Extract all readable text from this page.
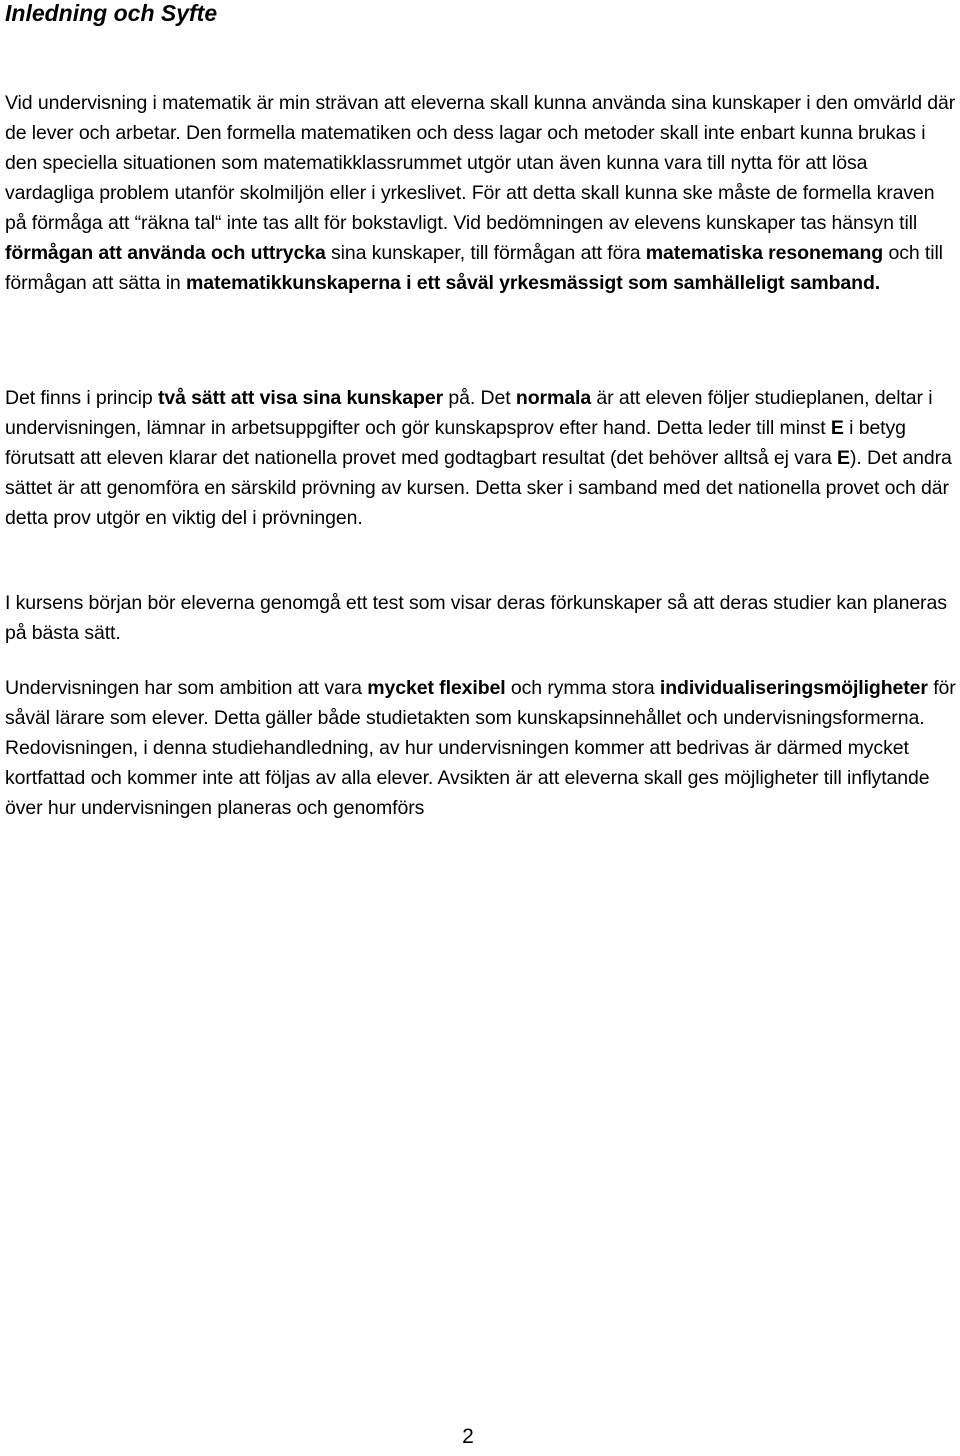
Inledning och Syfte

Vid undervisning i matematik är min strävan att eleverna skall kunna använda sina kunskaper i den omvärld där de lever och arbetar. Den formella matematiken och dess lagar och metoder skall inte enbart kunna brukas i den speciella situationen som matematikklassrummet utgör utan även kunna vara till nytta för att lösa vardagliga problem utanför skolmiljön eller i yrkeslivet. För att detta skall kunna ske måste de formella kraven på förmåga att “räkna tal“ inte tas allt för bokstavligt. Vid bedömningen av elevens kunskaper tas hänsyn till förmågan att använda och uttrycka sina kunskaper, till förmågan att föra matematiska resonemang och till förmågan att sätta in matematikkunskaperna i ett såväl yrkesmässigt som samhälleligt samband.

Det finns i princip två sätt att visa sina kunskaper på. Det normala är att eleven följer studieplanen, deltar i undervisningen, lämnar in arbetsuppgifter och gör kunskapsprov efter hand. Detta leder till minst E i betyg förutsatt att eleven klarar det nationella provet med godtagbart resultat (det behöver alltså ej vara E). Det andra sättet är att genomföra en särskild prövning av kursen. Detta sker i samband med det nationella provet och där detta prov utgör en viktig del i prövningen.

I kursens början bör eleverna genomgå ett test som visar deras förkunskaper så att deras studier kan planeras på bästa sätt.

Undervisningen har som ambition att vara mycket flexibel och rymma stora individualiseringsmöjligheter för såväl lärare som elever. Detta gäller både studietakten som kunskapsinnehållet och undervisningsformerna. Redovisningen, i denna studiehandledning, av hur undervisningen kommer att bedrivas är därmed mycket kortfattad och kommer inte att följas av alla elever. Avsikten är att eleverna skall ges möjligheter till inflytande över hur undervisningen planeras och genomförs

2
